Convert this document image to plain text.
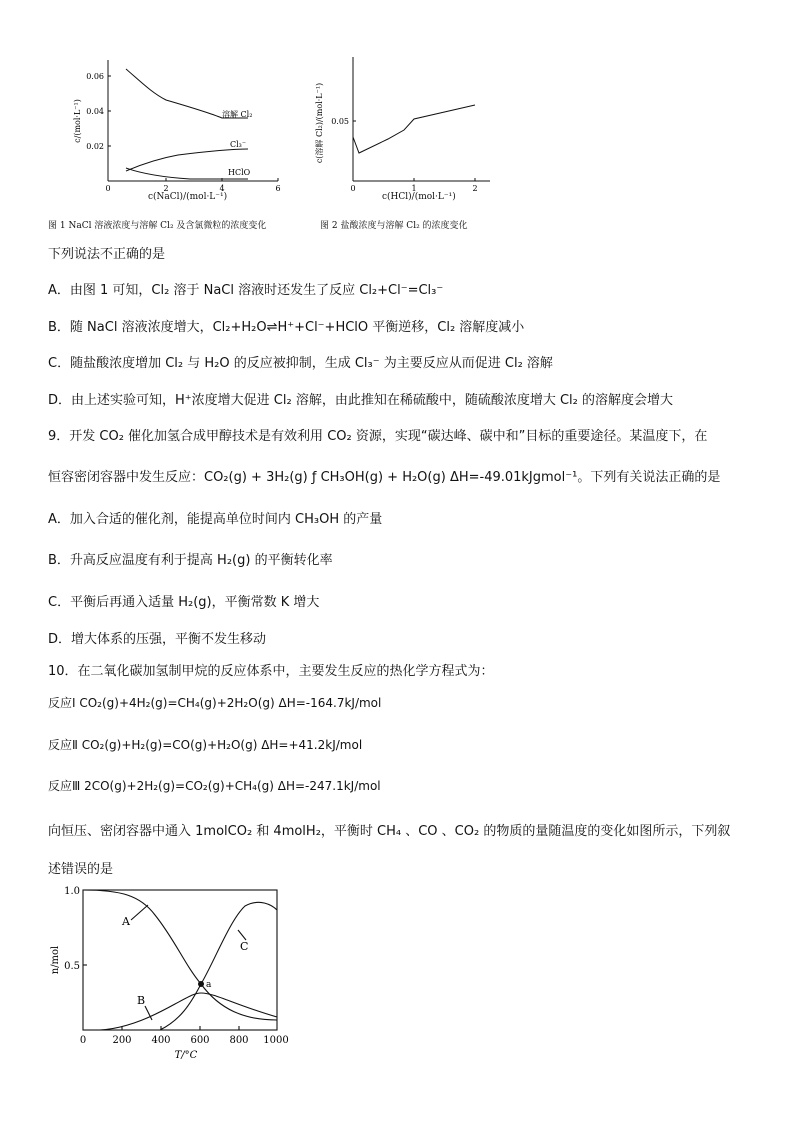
0.06
0.04
0.02
0	2	4	6
溶解 Cl₂
Cl₃⁻
HClO
c/(mol·L⁻¹)
c(NaCl)/(mol·L⁻¹)
图 1 NaCl 溶液浓度与溶解 Cl₂ 及含氯微粒的浓度变化
0.05
0	1	2
c(溶解 Cl₂)/(mol·L⁻¹)
c(HCl)/(mol·L⁻¹)
图 2 盐酸浓度与溶解 Cl₂ 的浓度变化
下列说法不正确的是
A．由图 1 可知，Cl₂ 溶于 NaCl 溶液时还发生了反应 Cl₂+Cl⁻=Cl₃⁻
B．随 NaCl 溶液浓度增大，Cl₂+H₂O⇌H⁺+Cl⁻+HClO 平衡逆移，Cl₂ 溶解度减小
C．随盐酸浓度增加 Cl₂ 与 H₂O 的反应被抑制，生成 Cl₃⁻ 为主要反应从而促进 Cl₂ 溶解
D．由上述实验可知，H⁺浓度增大促进 Cl₂ 溶解，由此推知在稀硫酸中，随硫酸浓度增大 Cl₂ 的溶解度会增大
9．开发 CO₂ 催化加氢合成甲醇技术是有效利用 CO₂ 资源，实现“碳达峰、碳中和”目标的重要途径。某温度下，在
恒容密闭容器中发生反应：CO₂(g) + 3H₂(g) ƒ CH₃OH(g) + H₂O(g) ΔH=-49.01kJgmol⁻¹。下列有关说法正确的是
A．加入合适的催化剂，能提高单位时间内 CH₃OH 的产量
B．升高反应温度有利于提高 H₂(g) 的平衡转化率
C．平衡后再通入适量 H₂(g)，平衡常数 K 增大
D．增大体系的压强，平衡不发生移动
10．在二氧化碳加氢制甲烷的反应体系中，主要发生反应的热化学方程式为：
反应Ⅰ CO₂(g)+4H₂(g)=CH₄(g)+2H₂O(g) ΔH=-164.7kJ/mol
反应Ⅱ CO₂(g)+H₂(g)=CO(g)+H₂O(g) ΔH=+41.2kJ/mol
反应Ⅲ 2CO(g)+2H₂(g)=CO₂(g)+CH₄(g) ΔH=-247.1kJ/mol
向恒压、密闭容器中通入 1molCO₂ 和 4molH₂，平衡时 CH₄ 、CO 、CO₂ 的物质的量随温度的变化如图所示，下列叙
述错误的是
A
C
B
a
1.0
0.5
0	200 400 600 800 1000
T/°C
n/mol
